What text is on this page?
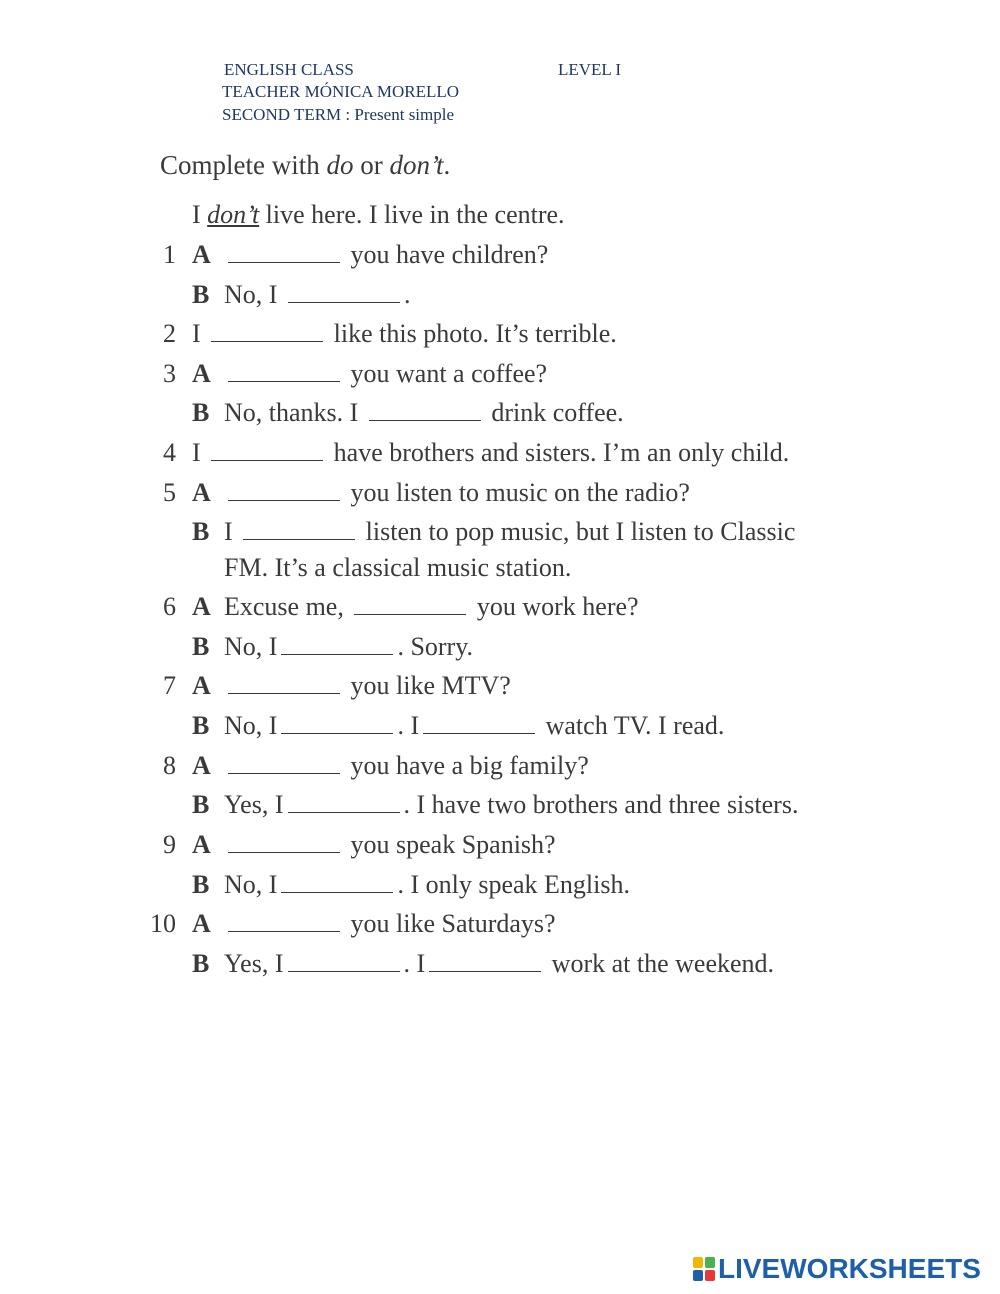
ENGLISH CLASS	LEVEL I
TEACHER MÓNICA MORELLO
SECOND TERM : Present simple
Complete with do or don’t.
I don’t live here. I live in the centre.
1 A	you have children?
B No, I	.
2 I	like this photo. It’s terrible.
3 A	you want a coffee?
B No, thanks. I	drink coffee.
4 I	have brothers and sisters. I’m an only child.
5 A	you listen to music on the radio?
B I	listen to pop music, but I listen to Classic
FM. It’s a classical music station.
6 A Excuse me,	you work here?
B No, I	. Sorry.
7 A	you like MTV?
B No, I	. I	watch TV. I read.
8 A	you have a big family?
B Yes, I	. I have two brothers and three sisters.
9 A	you speak Spanish?
B No, I	. I only speak English.
10 A	you like Saturdays?
B Yes, I	. I	work at the weekend.
LIVEWORKSHEETS
